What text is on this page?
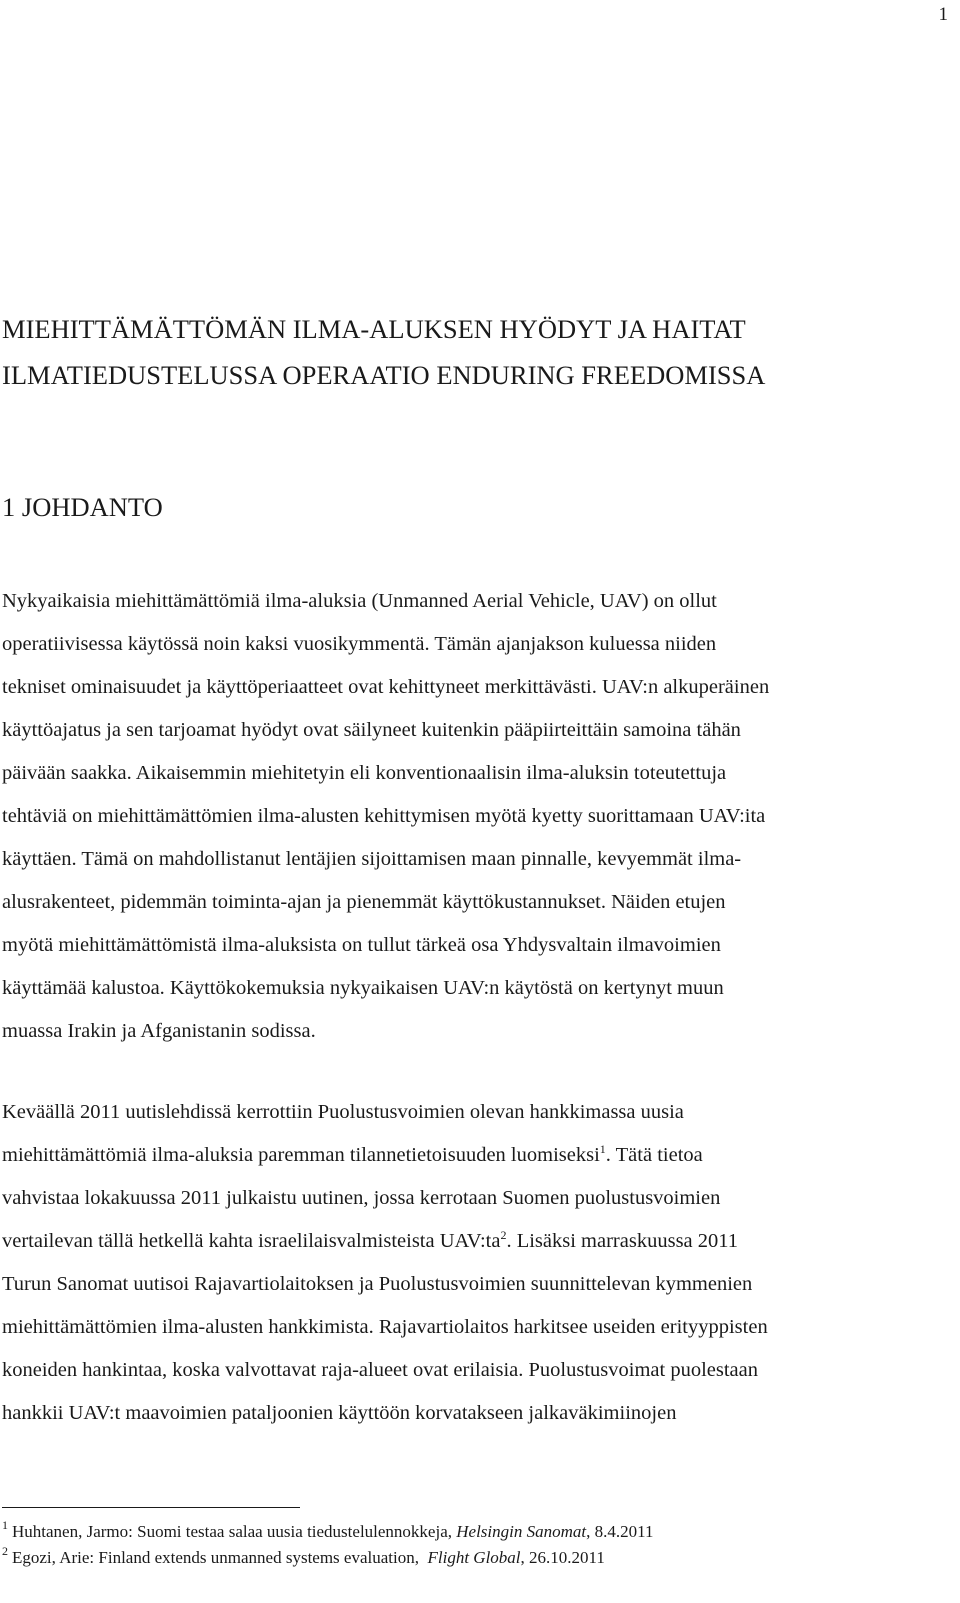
1
MIEHITTÄMÄTTÖMÄN ILMA-ALUKSEN HYÖDYT JA HAITAT
ILMATIEDUSTELUSSA OPERAATIO ENDURING FREEDOMISSA
1 JOHDANTO

Nykyaikaisia miehittämättömiä ilma-aluksia (Unmanned Aerial Vehicle, UAV) on ollut
operatiivisessa käytössä noin kaksi vuosikymmentä. Tämän ajanjakson kuluessa niiden
tekniset ominaisuudet ja käyttöperiaatteet ovat kehittyneet merkittävästi. UAV:n alkuperäinen
käyttöajatus ja sen tarjoamat hyödyt ovat säilyneet kuitenkin pääpiirteittäin samoina tähän
päivään saakka. Aikaisemmin miehitetyin eli konventionaalisin ilma-aluksin toteutettuja
tehtäviä on miehittämättömien ilma-alusten kehittymisen myötä kyetty suorittamaan UAV:ita
käyttäen. Tämä on mahdollistanut lentäjien sijoittamisen maan pinnalle, kevyemmät ilma-
alusrakenteet, pidemmän toiminta-ajan ja pienemmät käyttökustannukset. Näiden etujen
myötä miehittämättömistä ilma-aluksista on tullut tärkeä osa Yhdysvaltain ilmavoimien
käyttämää kalustoa. Käyttökokemuksia nykyaikaisen UAV:n käytöstä on kertynyt muun
muassa Irakin ja Afganistanin sodissa.

Keväällä 2011 uutislehdissä kerrottiin Puolustusvoimien olevan hankkimassa uusia
miehittämättömiä ilma-aluksia paremman tilannetietoisuuden luomiseksi$^1$. Tätä tietoa
vahvistaa lokakuussa 2011 julkaistu uutinen, jossa kerrotaan Suomen puolustusvoimien
vertailevan tällä hetkellä kahta israelilaisvalmisteista $UAV:ta^2$. Lisäksi marraskuussa 2011
Turun Sanomat uutisoi Rajavartiolaitoksen ja Puolustusvoimien suunnittelevan kymmenien
miehittämättömien ilma-alusten hankkimista. Rajavartiolaitos harkitsee useiden erityyppisten
koneiden hankintaa, koska valvottavat raja-alueet ovat erilaisia. Puolustusvoimat puolestaan
hankkii UAV:t maavoimien pataljoonien käyttöön korvatakseen jalkaväkimiinojen

$^1$ Huhtanen, Jarmo: Suomi testaa salaa uusia tiedustelulennokkeja, Helsingin Sanomat, 8.4.2011
$^2$ Egozi, Arie: Finland extends unmanned systems evaluation, Flight Global, 26.10.2011
